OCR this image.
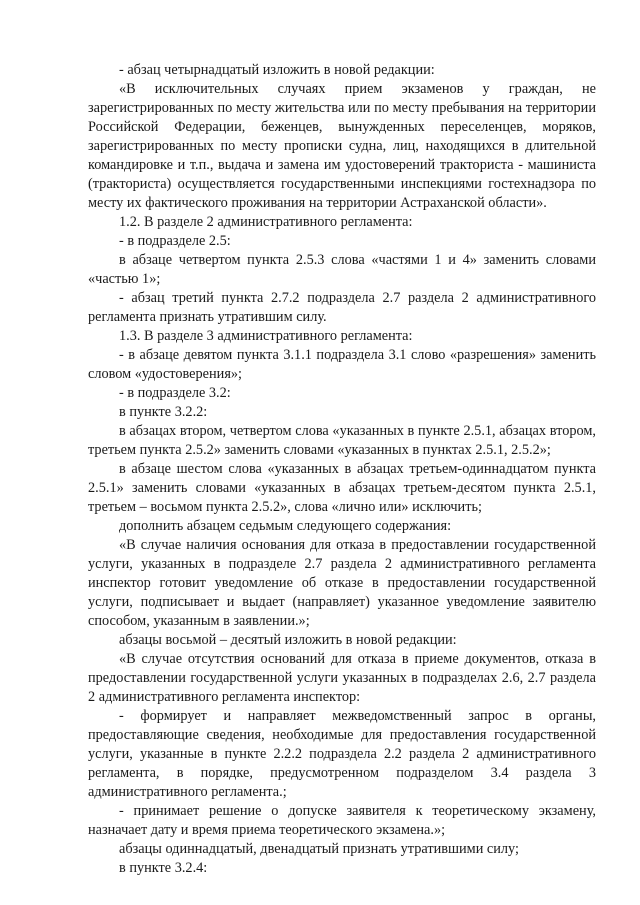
- абзац четырнадцатый изложить в новой редакции:

«В исключительных случаях прием экзаменов у граждан, не зарегистрированных по месту жительства или по месту пребывания на территории Российской Федерации, беженцев, вынужденных переселенцев, моряков, зарегистрированных по месту прописки судна, лиц, находящихся в длительной командировке и т.п., выдача и замена им удостоверений тракториста - машиниста (тракториста) осуществляется государственными инспекциями гостехнадзора по месту их фактического проживания на территории Астраханской области».

1.2. В разделе 2 административного регламента:

- в подразделе 2.5:

в абзаце четвертом пункта 2.5.3 слова «частями 1 и 4» заменить словами «частью 1»;

- абзац третий пункта 2.7.2 подраздела 2.7 раздела 2 административного регламента признать утратившим силу.

1.3. В разделе 3 административного регламента:

- в абзаце девятом пункта 3.1.1 подраздела 3.1 слово «разрешения» заменить словом «удостоверения»;

- в подразделе 3.2:

в пункте 3.2.2:

в абзацах втором, четвертом слова «указанных в пункте 2.5.1, абзацах втором, третьем пункта 2.5.2» заменить словами «указанных в пунктах 2.5.1, 2.5.2»;

в абзаце шестом слова «указанных в абзацах третьем-одиннадцатом пункта 2.5.1» заменить словами «указанных в абзацах третьем-десятом пункта 2.5.1, третьем – восьмом пункта 2.5.2», слова «лично или» исключить;

дополнить абзацем седьмым следующего содержания:

«В случае наличия основания для отказа в предоставлении государственной услуги, указанных в подразделе 2.7 раздела 2 административного регламента инспектор готовит уведомление об отказе в предоставлении государственной услуги, подписывает и выдает (направляет) указанное уведомление заявителю способом, указанным в заявлении.»;

абзацы восьмой – десятый изложить в новой редакции:

«В случае отсутствия оснований для отказа в приеме документов, отказа в предоставлении государственной услуги указанных в подразделах 2.6, 2.7 раздела 2 административного регламента инспектор:

- формирует и направляет межведомственный запрос в органы, предоставляющие сведения, необходимые для предоставления государственной услуги, указанные в пункте 2.2.2 подраздела 2.2 раздела 2 административного регламента, в порядке, предусмотренном подразделом 3.4 раздела 3 административного регламента.;

- принимает решение о допуске заявителя к теоретическому экзамену, назначает дату и время приема теоретического экзамена.»;

абзацы одиннадцатый, двенадцатый признать утратившими силу;

в пункте 3.2.4:
